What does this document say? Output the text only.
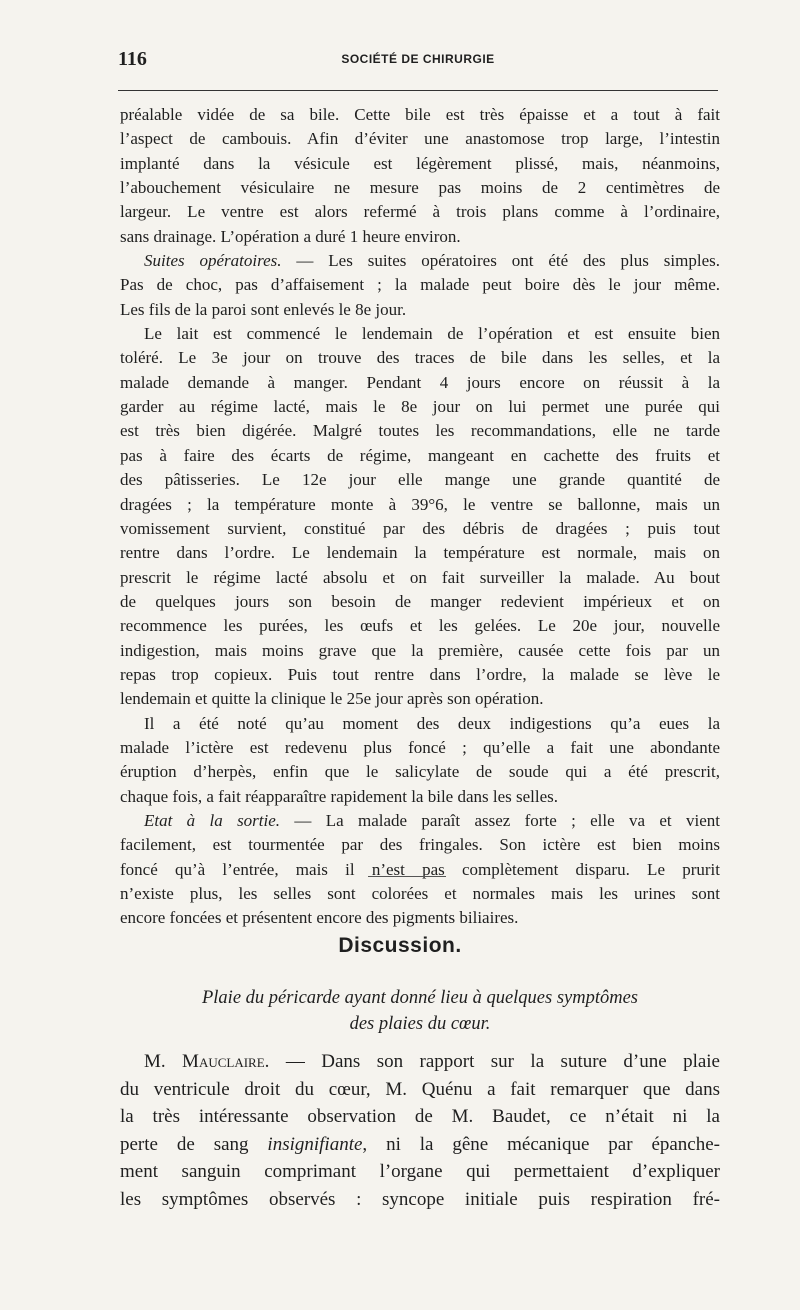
116	SOCIÉTÉ DE CHIRURGIE

préalable vidée de sa bile. Cette bile est très épaisse et a tout à fait

l’aspect de cambouis. Afin d’éviter une anastomose trop large, l’intestin

implanté dans la vésicule est légèrement plissé, mais, néanmoins,

l’abouchement vésiculaire ne mesure pas moins de 2 centimètres de

largeur. Le ventre est alors refermé à trois plans comme à l’ordinaire,

sans drainage. L’opération a duré 1 heure environ.

Suites opératoires. — Les suites opératoires ont été des plus simples.

Pas de choc, pas d’affaisement ; la malade peut boire dès le jour même.

Les fils de la paroi sont enlevés le 8e jour.

Le lait est commencé le lendemain de l’opération et est ensuite bien

toléré. Le 3e jour on trouve des traces de bile dans les selles, et la

malade demande à manger. Pendant 4 jours encore on réussit à la

garder au régime lacté, mais le 8e jour on lui permet une purée qui

est très bien digérée. Malgré toutes les recommandations, elle ne tarde

pas à faire des écarts de régime, mangeant en cachette des fruits et

des pâtisseries. Le 12e jour elle mange une grande quantité de

dragées ; la température monte à 39°6, le ventre se ballonne, mais un

vomissement survient, constitué par des débris de dragées ; puis tout

rentre dans l’ordre. Le lendemain la température est normale, mais on

prescrit le régime lacté absolu et on fait surveiller la malade. Au bout

de quelques jours son besoin de manger redevient impérieux et on

recommence les purées, les œufs et les gelées. Le 20e jour, nouvelle

indigestion, mais moins grave que la première, causée cette fois par un

repas trop copieux. Puis tout rentre dans l’ordre, la malade se lève le

lendemain et quitte la clinique le 25e jour après son opération.

Il a été noté qu’au moment des deux indigestions qu’a eues la

malade l’ictère est redevenu plus foncé ; qu’elle a fait une abondante

éruption d’herpès, enfin que le salicylate de soude qui a été prescrit,

chaque fois, a fait réapparaître rapidement la bile dans les selles.

Etat à la sortie. — La malade paraît assez forte ; elle va et vient

facilement, est tourmentée par des fringales. Son ictère est bien moins

foncé qu’à l’entrée, mais il n’est pas complètement disparu. Le prurit

n’existe plus, les selles sont colorées et normales mais les urines sont

encore foncées et présentent encore des pigments biliaires.

Discussion.
Plaie du péricarde ayant donné lieu à quelques symptômes
des plaies du cœur.

M. Mauclaire. — Dans son rapport sur la suture d’une plaie

du ventricule droit du cœur, M. Quénu a fait remarquer que dans

la très intéressante observation de M. Baudet, ce n’était ni la

perte de sang insignifiante, ni la gêne mécanique par épanche-

ment sanguin comprimant l’organe qui permettaient d’expliquer

les symptômes observés : syncope initiale puis respiration fré-
